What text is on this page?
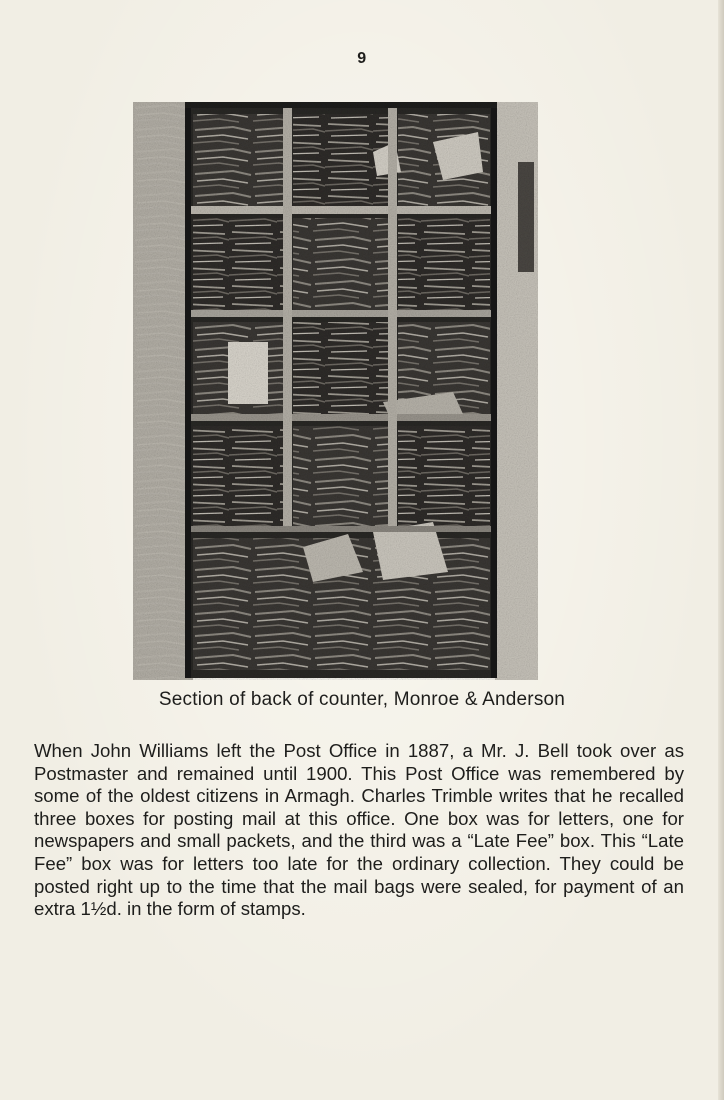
9
Section of back of counter, Monroe & Anderson

When John Williams left the Post Office in 1887, a Mr. J. Bell took over as Postmaster and remained until 1900. This Post Office was remembered by some of the oldest citizens in Armagh. Charles Trimble writes that he recalled three boxes for posting mail at this office. One box was for letters, one for newspapers and small packets, and the third was a “Late Fee” box. This “Late Fee” box was for letters too late for the ordinary collection. They could be posted right up to the time that the mail bags were sealed, for payment of an extra 1½d. in the form of stamps.
